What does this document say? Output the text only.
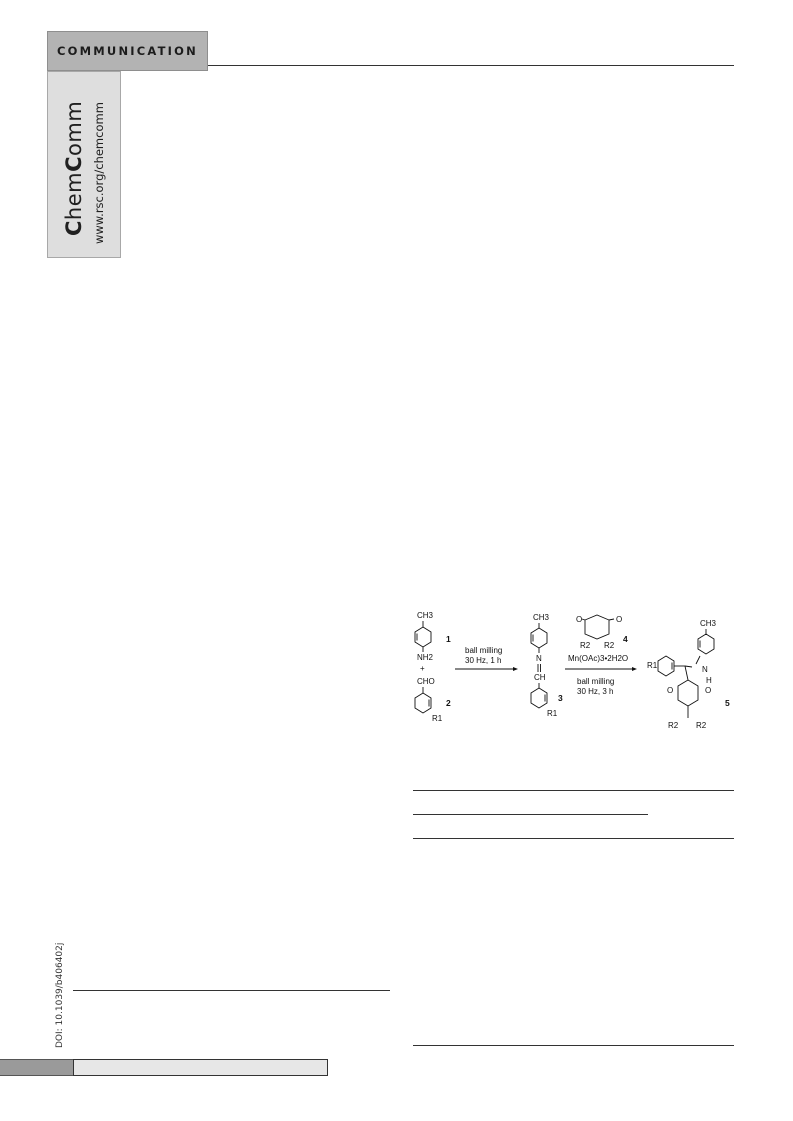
COMMUNICATION
ChemComm www.rsc.org/chemcomm
DOI: 10.1039/b406402j
CH3
NH2
1
+
CHO
R1
2
ball milling
30 Hz, 1 h
CH3
N
CH
R1
3
O	O
R2 R2
4
Mn(OAc)3•2H2O
ball milling
30 Hz, 3 h
CH3
N
H
R1
O	O
R2 R2
5
